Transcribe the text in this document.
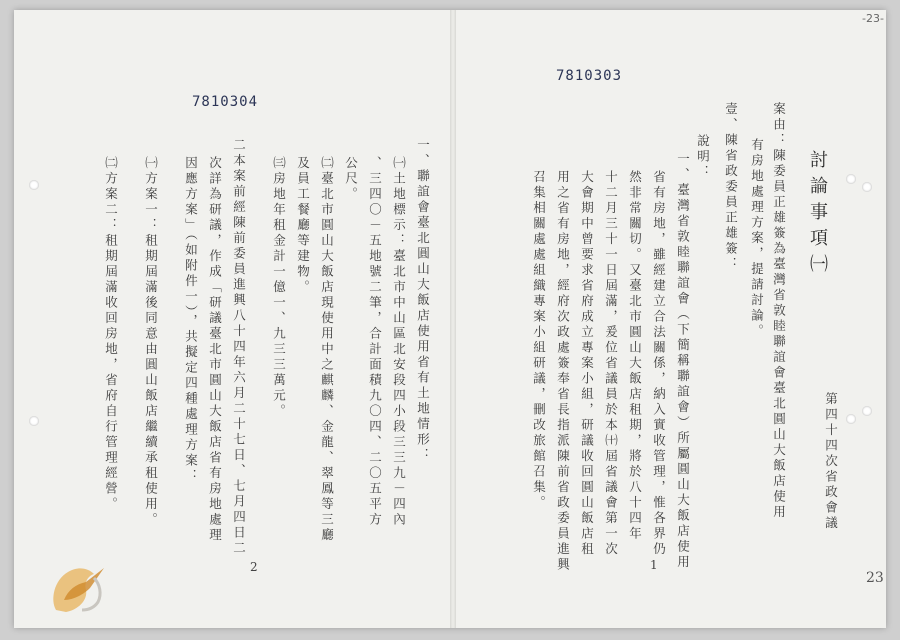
7810304
一、聯誼會臺北圓山大飯店使用省有土地情形：
㈠土地標示：臺北市中山區北安段四小段三三九－四內
、三四〇－五地號二筆，合計面積九〇四、二〇五平方
公尺。
㈡臺北市圓山大飯店現使用中之麒麟、金龍、翠鳳等三廳
及員工餐廳等建物。
㈢房地年租金計一億一、九三三萬元。
二本案前經陳前委員進興八十四年六月二十七日、七月四日二
次詳為研議，作成「研議臺北市圓山大飯店省有房地處理
因應方案」（如附件一），共擬定四種處理方案：
㈠方案一：租期屆滿後同意由圓山飯店繼續承租使用。
㈡方案二：租期屆滿收回房地，省府自行管理經營。
2
7810303
-23-
討論事項㈠
第四十四次省政會議
案由：陳委員正雄簽為臺灣省敦睦聯誼會臺北圓山大飯店使用
有房地處理方案，提請討論。
壹、陳省政委員正雄簽：
說明：
一、臺灣省敦睦聯誼會（下簡稱聯誼會）所屬圓山大飯店使用
省有房地，雖經建立合法關係，納入實收管理，惟各界仍
然非常關切。又臺北市圓山大飯店租期，將於八十四年
十二月三十一日屆滿，爰位省議員於本㈩屆省議會第一次
大會期中曾要求省府成立專案小組，研議收回圓山飯店租
用之省有房地，經府次政處簽奉省長指派陳前省政委員進興
召集相關處處組織專案小組研議，刪改旅館召集。
1
23
